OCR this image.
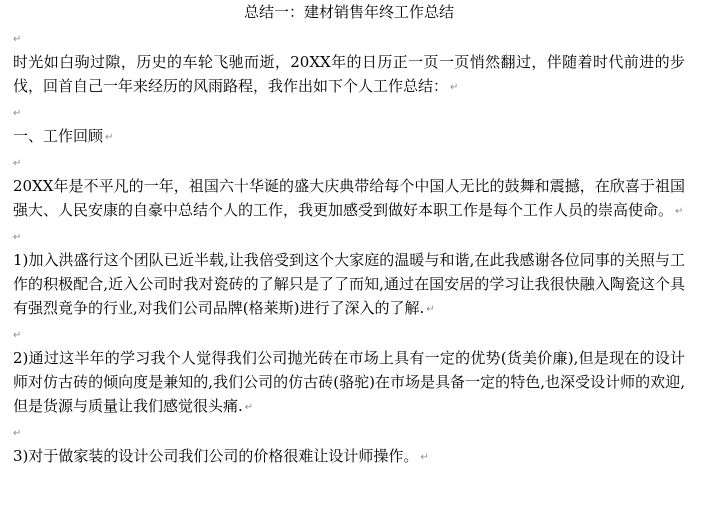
总结一：建材销售年终工作总结

↵

时光如白驹过隙，历史的车轮飞驰而逝，20XX年的日历正一页一页悄然翻过，伴随着时代前进的步伐，回首自己一年来经历的风雨路程，我作出如下个人工作总结： ↵

↵

一、工作回顾 ↵

↵

20XX年是不平凡的一年，祖国六十华诞的盛大庆典带给每个中国人无比的鼓舞和震撼，在欣喜于祖国强大、人民安康的自豪中总结个人的工作，我更加感受到做好本职工作是每个工作人员的崇高使命。 ↵

↵

1)加入洪盛行这个团队已近半载,让我倍受到这个大家庭的温暖与和谐,在此我感谢各位同事的关照与工作的积极配合,近入公司时我对瓷砖的了解只是了了而知,通过在国安居的学习让我很快融入陶瓷这个具有强烈竟争的行业,对我们公司品牌(格莱斯)进行了深入的了解. ↵

↵

2)通过这半年的学习我个人觉得我们公司抛光砖在市场上具有一定的优势(货美价廉),但是现在的设计师对仿古砖的倾向度是兼知的,我们公司的仿古砖(骆驼)在市场是具备一定的特色,也深受设计师的欢迎,但是货源与质量让我们感觉很头痛. ↵

↵

3)对于做家装的设计公司我们公司的价格很难让设计师操作。 ↵
